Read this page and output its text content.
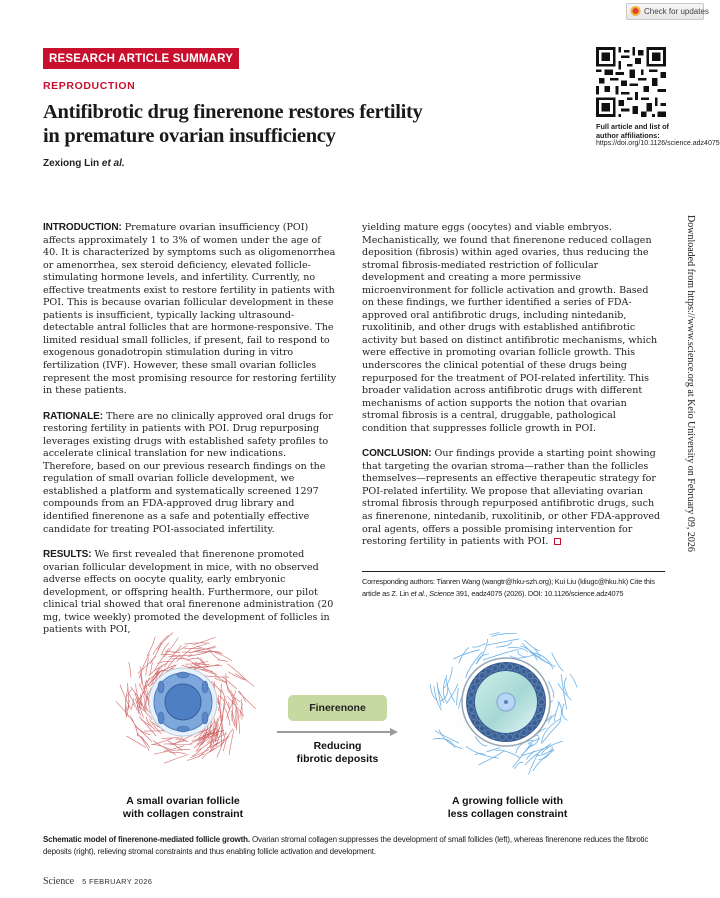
Check for updates
RESEARCH ARTICLE SUMMARY
REPRODUCTION
Antifibrotic drug finerenone restores fertility in premature ovarian insufficiency
Zexiong Lin et al.
Full article and list of author affiliations:
https://doi.org/10.1126/science.adz4075

INTRODUCTION: Premature ovarian insufficiency (POI) affects approximately 1 to 3% of women under the age of 40. It is characterized by symptoms such as oligomenorrhea or amenorrhea, sex steroid deficiency, elevated follicle-stimulating hormone levels, and infertility. Currently, no effective treatments exist to restore fertility in patients with POI. This is because ovarian follicular development in these patients is insufficient, typically lacking ultrasound-detectable antral follicles that are hormone-responsive. The limited residual small follicles, if present, fail to respond to exogenous gonadotropin stimulation during in vitro fertilization (IVF). However, these small ovarian follicles represent the most promising resource for restoring fertility in these patients.

RATIONALE: There are no clinically approved oral drugs for restoring fertility in patients with POI. Drug repurposing leverages existing drugs with established safety profiles to accelerate clinical translation for new indications. Therefore, based on our previous research findings on the regulation of small ovarian follicle development, we established a platform and systematically screened 1297 compounds from an FDA-approved drug library and identified finerenone as a safe and potentially effective candidate for treating POI-associated infertility.

RESULTS: We first revealed that finerenone promoted ovarian follicular development in mice, with no observed adverse effects on oocyte quality, early embryonic development, or offspring health. Furthermore, our pilot clinical trial showed that oral finerenone administration (20 mg, twice weekly) promoted the development of follicles in patients with POI,

yielding mature eggs (oocytes) and viable embryos. Mechanistically, we found that finerenone reduced collagen deposition (fibrosis) within aged ovaries, thus reducing the stromal fibrosis-mediated restriction of follicular development and creating a more permissive microenvironment for follicle activation and growth. Based on these findings, we further identified a series of FDA-approved oral antifibrotic drugs, including nintedanib, ruxolitinib, and other drugs with established antifibrotic activity but based on distinct antifibrotic mechanisms, which were effective in promoting ovarian follicle growth. This underscores the clinical potential of these drugs being repurposed for the treatment of POI-related infertility. This broader validation across antifibrotic drugs with different mechanisms of action supports the notion that ovarian stromal fibrosis is a central, druggable, pathological condition that suppresses follicle growth in POI.

CONCLUSION: Our findings provide a starting point showing that targeting the ovarian stroma—rather than the follicles themselves—represents an effective therapeutic strategy for POI-related infertility. We propose that alleviating ovarian stromal fibrosis through repurposed antifibrotic drugs, such as finerenone, nintedanib, ruxolitinib, or other FDA-approved oral agents, offers a possible promising intervention for restoring fertility in patients with POI.

Corresponding authors: Tianren Wang (wangtr@hku-szh.org); Kui Liu (kliugc@hku.hk) Cite this article as Z. Lin et al., Science 391, eadz4075 (2026). DOI: 10.1126/science.adz4075
Downloaded from https://www.science.org at Keio University on February 09, 2026
A small ovarian follicle
with collagen constraint
Finerenone
Reducing
fibrotic deposits
A growing follicle with
less collagen constraint
Schematic model of finerenone-mediated follicle growth. Ovarian stromal collagen suppresses the development of small follicles (left), whereas finerenone reduces the fibrotic deposits (right), relieving stromal constraints and thus enabling follicle activation and development.
Science 5 FEBRUARY 2026
